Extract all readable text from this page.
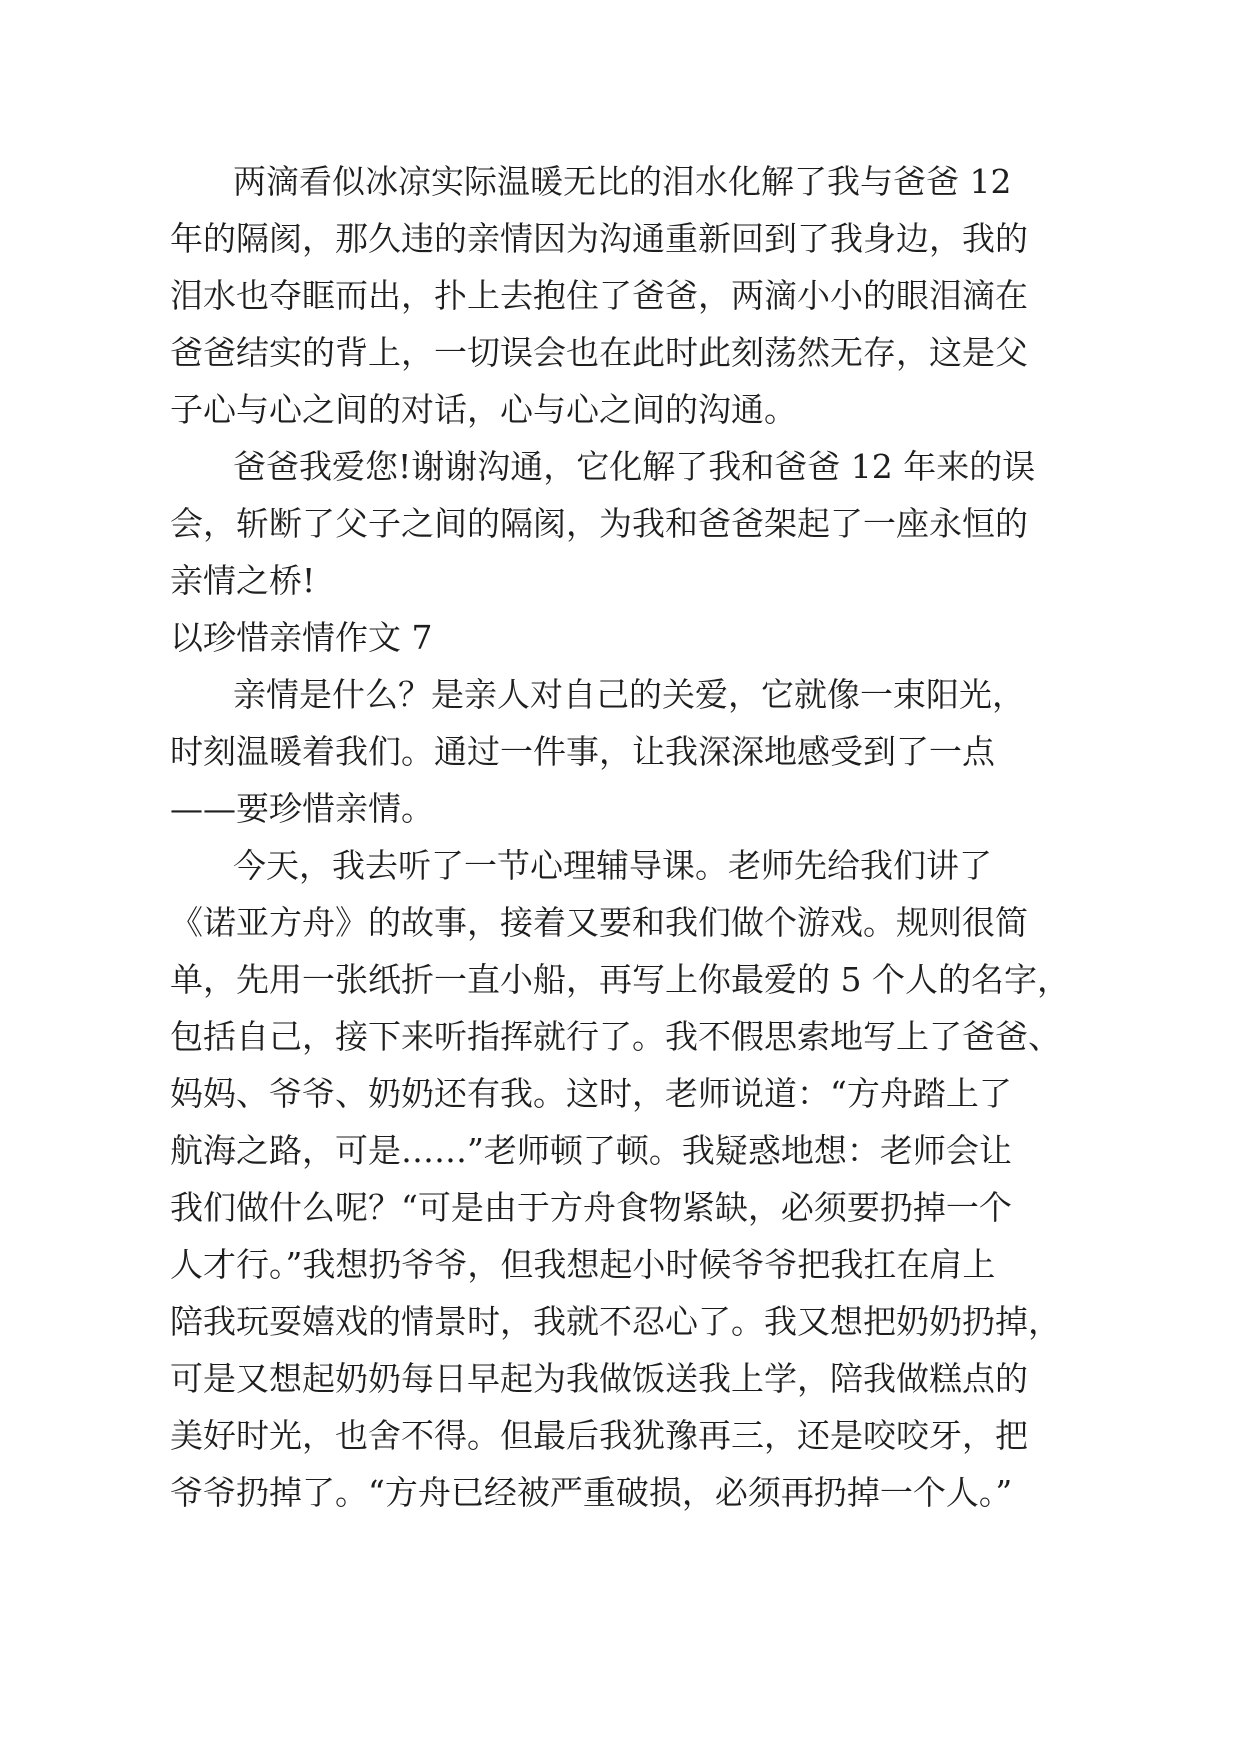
两滴看似冰凉实际温暖无比的泪水化解了我与爸爸 12

年的隔阂，那久违的亲情因为沟通重新回到了我身边，我的

泪水也夺眶而出，扑上去抱住了爸爸，两滴小小的眼泪滴在

爸爸结实的背上，一切误会也在此时此刻荡然无存，这是父

子心与心之间的对话，心与心之间的沟通。

爸爸我爱您!谢谢沟通，它化解了我和爸爸 12 年来的误

会，斩断了父子之间的隔阂，为我和爸爸架起了一座永恒的

亲情之桥!

以珍惜亲情作文 7

亲情是什么？是亲人对自己的关爱，它就像一束阳光，

时刻温暖着我们。通过一件事，让我深深地感受到了一点

——要珍惜亲情。

今天，我去听了一节心理辅导课。老师先给我们讲了

《诺亚方舟》的故事，接着又要和我们做个游戏。规则很简

单，先用一张纸折一直小船，再写上你最爱的 5 个人的名字，

包括自己，接下来听指挥就行了。我不假思索地写上了爸爸、

妈妈、爷爷、奶奶还有我。这时，老师说道：“方舟踏上了

航海之路，可是……”老师顿了顿。我疑惑地想：老师会让

我们做什么呢？“可是由于方舟食物紧缺，必须要扔掉一个

人才行。”我想扔爷爷，但我想起小时候爷爷把我扛在肩上

陪我玩耍嬉戏的情景时，我就不忍心了。我又想把奶奶扔掉，

可是又想起奶奶每日早起为我做饭送我上学，陪我做糕点的

美好时光，也舍不得。但最后我犹豫再三，还是咬咬牙，把

爷爷扔掉了。“方舟已经被严重破损，必须再扔掉一个人。”
